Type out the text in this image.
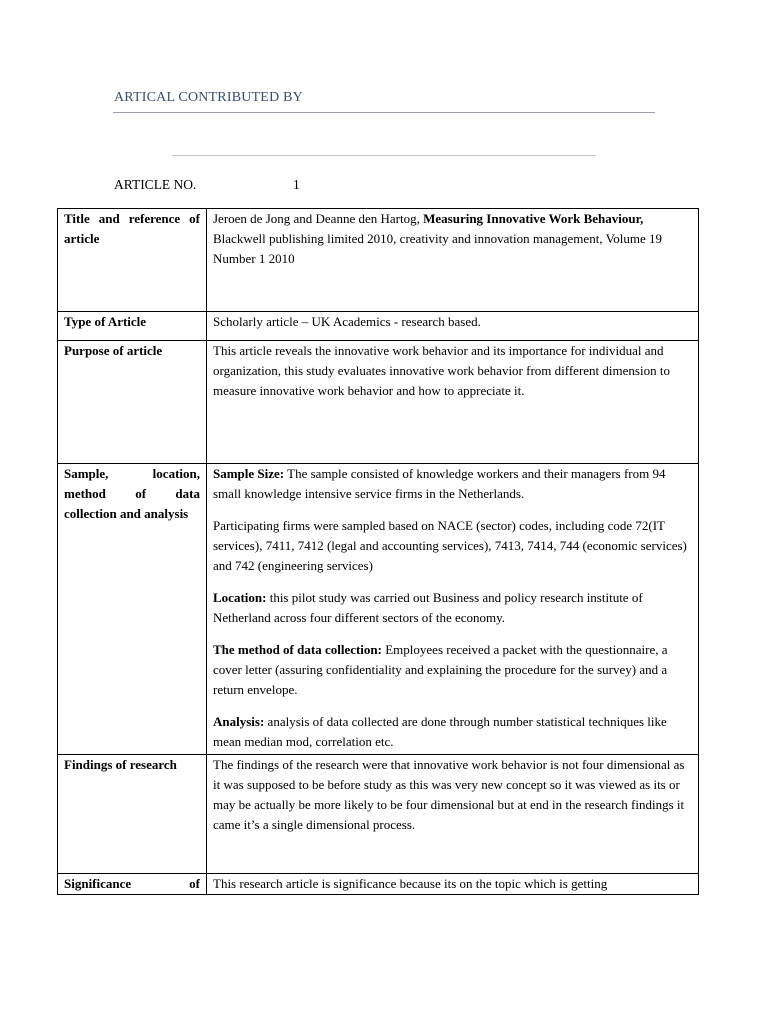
ARTICAL CONTRIBUTED BY
ARTICLE NO.	1
Title and reference of article	Jeroen de Jong and Deanne den Hartog, Measuring Innovative Work Behaviour, Blackwell publishing limited 2010, creativity and innovation management, Volume 19 Number 1 2010
Type of Article	Scholarly article – UK Academics - research based.
Purpose of article	This article reveals the innovative work behavior and its importance for individual and organization, this study evaluates innovative work behavior from different dimension to measure innovative work behavior and how to appreciate it.
Sample, location, method of data collection and analysis	Sample Size: The sample consisted of knowledge workers and their managers from 94 small knowledge intensive service firms in the Netherlands.

Participating firms were sampled based on NACE (sector) codes, including code 72(IT services), 7411, 7412 (legal and accounting services), 7413, 7414, 744 (economic services) and 742 (engineering services)

Location: this pilot study was carried out Business and policy research institute of Netherland across four different sectors of the economy.

The method of data collection: Employees received a packet with the questionnaire, a cover letter (assuring confidentiality and explaining the procedure for the survey) and a return envelope.

Analysis: analysis of data collected are done through number statistical techniques like mean median mod, correlation etc.

Findings of research	The findings of the research were that innovative work behavior is not four dimensional as it was supposed to be before study as this was very new concept so it was viewed as its or may be actually be more likely to be four dimensional but at end in the research findings it came it’s a single dimensional process.

Significance of	This research article is significance because its on the topic which is getting
